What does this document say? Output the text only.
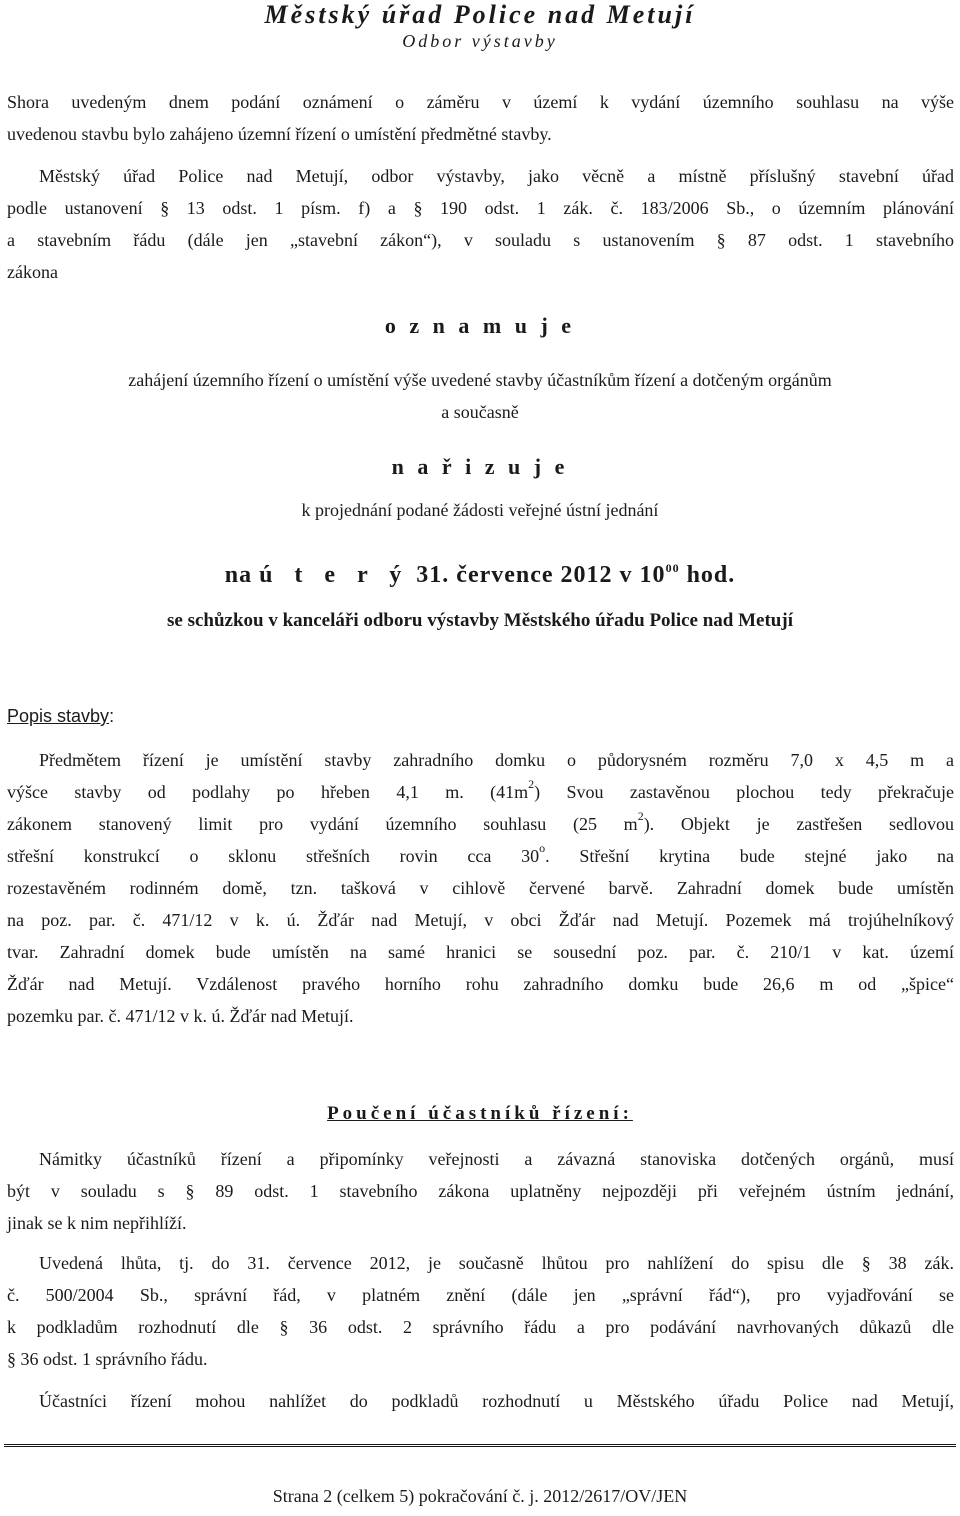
Městský úřad Police nad Metují
Odbor výstavby
Shora uvedeným dnem podání oznámení o záměru v území k vydání územního souhlasu na výše
uvedenou stavbu bylo zahájeno územní řízení o umístění předmětné stavby.
Městský úřad Police nad Metují, odbor výstavby, jako věcně a místně příslušný stavební úřad
podle ustanovení § 13 odst. 1 písm. f) a § 190 odst. 1 zák. č. 183/2006 Sb., o územním plánování
a stavebním řádu (dále jen „stavební zákon“), v souladu s ustanovením § 87 odst. 1 stavebního
zákona
o z n a m u j e
zahájení územního řízení o umístění výše uvedené stavby účastníkům řízení a dotčeným orgánům
a současně
n a ř i z u j e
k projednání podané žádosti veřejné ústní jednání
na ú t e r ý 31. července 2012 v $10^{00}$ hod.
se schůzkou v kanceláři odboru výstavby Městského úřadu Police nad Metují
Popis stavby:
Předmětem řízení je umístění stavby zahradního domku o půdorysném rozměru 7,0 x 4,5 m a
výšce stavby od podlahy po hřeben 4,1 m. $(41m^2)$ Svou zastavěnou plochou tedy překračuje
zákonem stanovený limit pro vydání územního souhlasu (25 $m^2$). Objekt je zastřešen sedlovou
střešní konstrukcí o sklonu střešních rovin cca 30$^o$. Střešní krytina bude stejné jako na
rozestavěném rodinném domě, tzn. tašková v cihlově červené barvě. Zahradní domek bude umístěn
na poz. par. č. 471/12 v k. ú. Žďár nad Metují, v obci Žďár nad Metují. Pozemek má trojúhelníkový
tvar. Zahradní domek bude umístěn na samé hranici se sousední poz. par. č. 210/1 v kat. území
Žďár nad Metují. Vzdálenost pravého horního rohu zahradního domku bude 26,6 m od „špice“
pozemku par. č. 471/12 v k. ú. Žďár nad Metují.
Poučení účastníků řízení:
Námitky účastníků řízení a připomínky veřejnosti a závazná stanoviska dotčených orgánů, musí
být v souladu s § 89 odst. 1 stavebního zákona uplatněny nejpozději při veřejném ústním jednání,
jinak se k nim nepřihlíží.
Uvedená lhůta, tj. do 31. července 2012, je současně lhůtou pro nahlížení do spisu dle § 38 zák.
č. 500/2004 Sb., správní řád, v platném znění (dále jen „správní řád“), pro vyjadřování se
k podkladům rozhodnutí dle § 36 odst. 2 správního řádu a pro podávání navrhovaných důkazů dle
§ 36 odst. 1 správního řádu.
Účastníci řízení mohou nahlížet do podkladů rozhodnutí u Městského úřadu Police nad Metují,
Strana 2 (celkem 5) pokračování č. j. 2012/2617/OV/JEN
